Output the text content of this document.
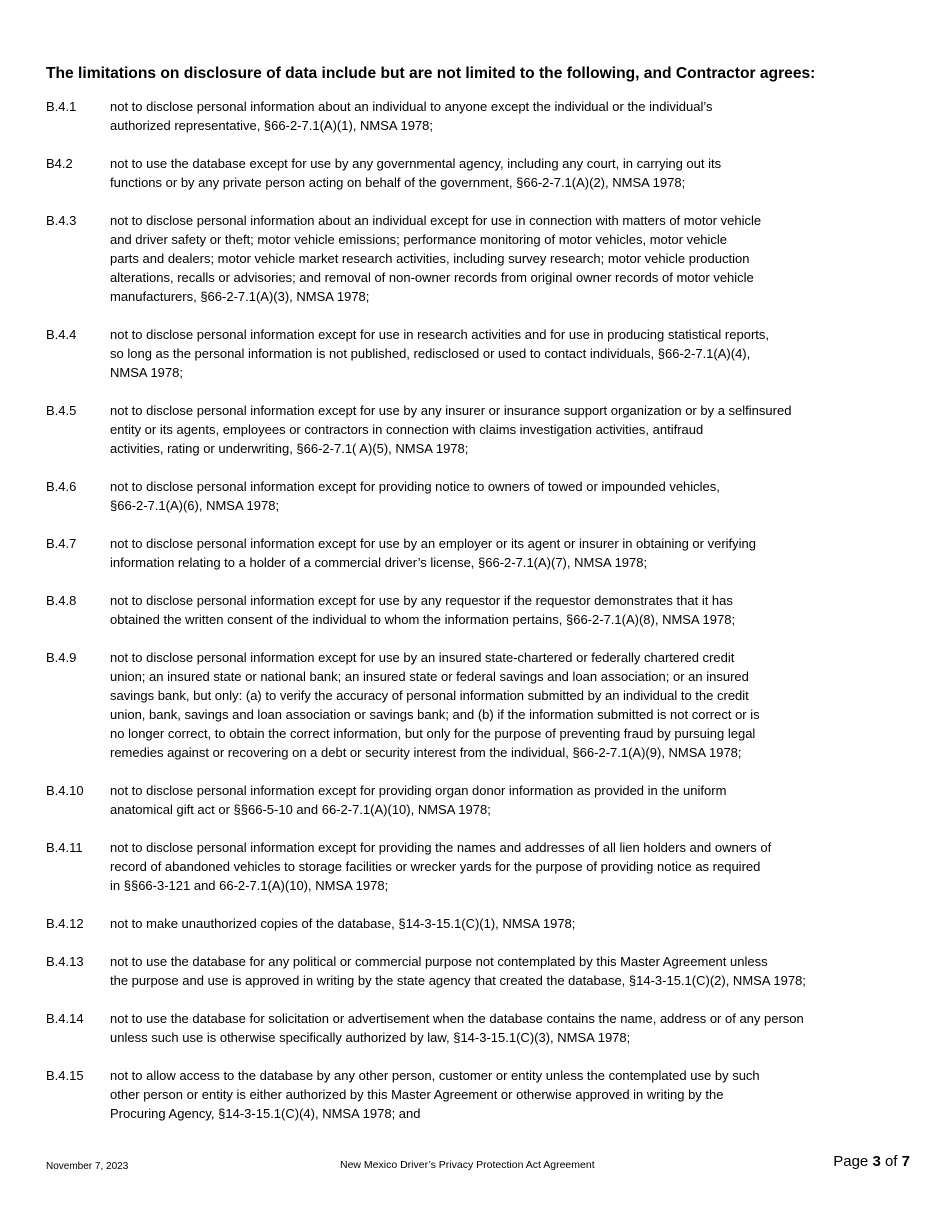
The limitations on disclosure of data include but are not limited to the following, and Contractor agrees:
B.4.1	not to disclose personal information about an individual to anyone except the individual or the individual’s
authorized representative, §66-2-7.1(A)(1), NMSA 1978;
B4.2	not to use the database except for use by any governmental agency, including any court, in carrying out its
functions or by any private person acting on behalf of the government, §66-2-7.1(A)(2), NMSA 1978;
B.4.3	not to disclose personal information about an individual except for use in connection with matters of motor vehicle
and driver safety or theft; motor vehicle emissions; performance monitoring of motor vehicles, motor vehicle
parts and dealers; motor vehicle market research activities, including survey research; motor vehicle production
alterations, recalls or advisories; and removal of non-owner records from original owner records of motor vehicle
manufacturers, §66-2-7.1(A)(3), NMSA 1978;
B.4.4	not to disclose personal information except for use in research activities and for use in producing statistical reports,
so long as the personal information is not published, redisclosed or used to contact individuals, §66-2-7.1(A)(4),
NMSA 1978;
B.4.5	not to disclose personal information except for use by any insurer or insurance support organization or by a selfinsured
entity or its agents, employees or contractors in connection with claims investigation activities, antifraud
activities, rating or underwriting, §66-2-7.1( A)(5), NMSA 1978;
B.4.6	not to disclose personal information except for providing notice to owners of towed or impounded vehicles,
§66-2-7.1(A)(6), NMSA 1978;
B.4.7	not to disclose personal information except for use by an employer or its agent or insurer in obtaining or verifying
information relating to a holder of a commercial driver’s license, §66-2-7.1(A)(7), NMSA 1978;
B.4.8	not to disclose personal information except for use by any requestor if the requestor demonstrates that it has
obtained the written consent of the individual to whom the information pertains, §66-2-7.1(A)(8), NMSA 1978;
B.4.9	not to disclose personal information except for use by an insured state-chartered or federally chartered credit
union; an insured state or national bank; an insured state or federal savings and loan association; or an insured
savings bank, but only: (a) to verify the accuracy of personal information submitted by an individual to the credit
union, bank, savings and loan association or savings bank; and (b) if the information submitted is not correct or is
no longer correct, to obtain the correct information, but only for the purpose of preventing fraud by pursuing legal
remedies against or recovering on a debt or security interest from the individual, §66-2-7.1(A)(9), NMSA 1978;
B.4.10	not to disclose personal information except for providing organ donor information as provided in the uniform
anatomical gift act or §§66-5-10 and 66-2-7.1(A)(10), NMSA 1978;
B.4.11	not to disclose personal information except for providing the names and addresses of all lien holders and owners of
record of abandoned vehicles to storage facilities or wrecker yards for the purpose of providing notice as required
in §§66-3-121 and 66-2-7.1(A)(10), NMSA 1978;
B.4.12	not to make unauthorized copies of the database, §14-3-15.1(C)(1), NMSA 1978;
B.4.13	not to use the database for any political or commercial purpose not contemplated by this Master Agreement unless
the purpose and use is approved in writing by the state agency that created the database, §14-3-15.1(C)(2), NMSA 1978;
B.4.14	not to use the database for solicitation or advertisement when the database contains the name, address or of any person
unless such use is otherwise specifically authorized by law, §14-3-15.1(C)(3), NMSA 1978;
B.4.15	not to allow access to the database by any other person, customer or entity unless the contemplated use by such
other person or entity is either authorized by this Master Agreement or otherwise approved in writing by the
Procuring Agency, §14-3-15.1(C)(4), NMSA 1978; and
November 7, 2023	New Mexico Driver’s Privacy Protection Act Agreement	Page 3 of 7
